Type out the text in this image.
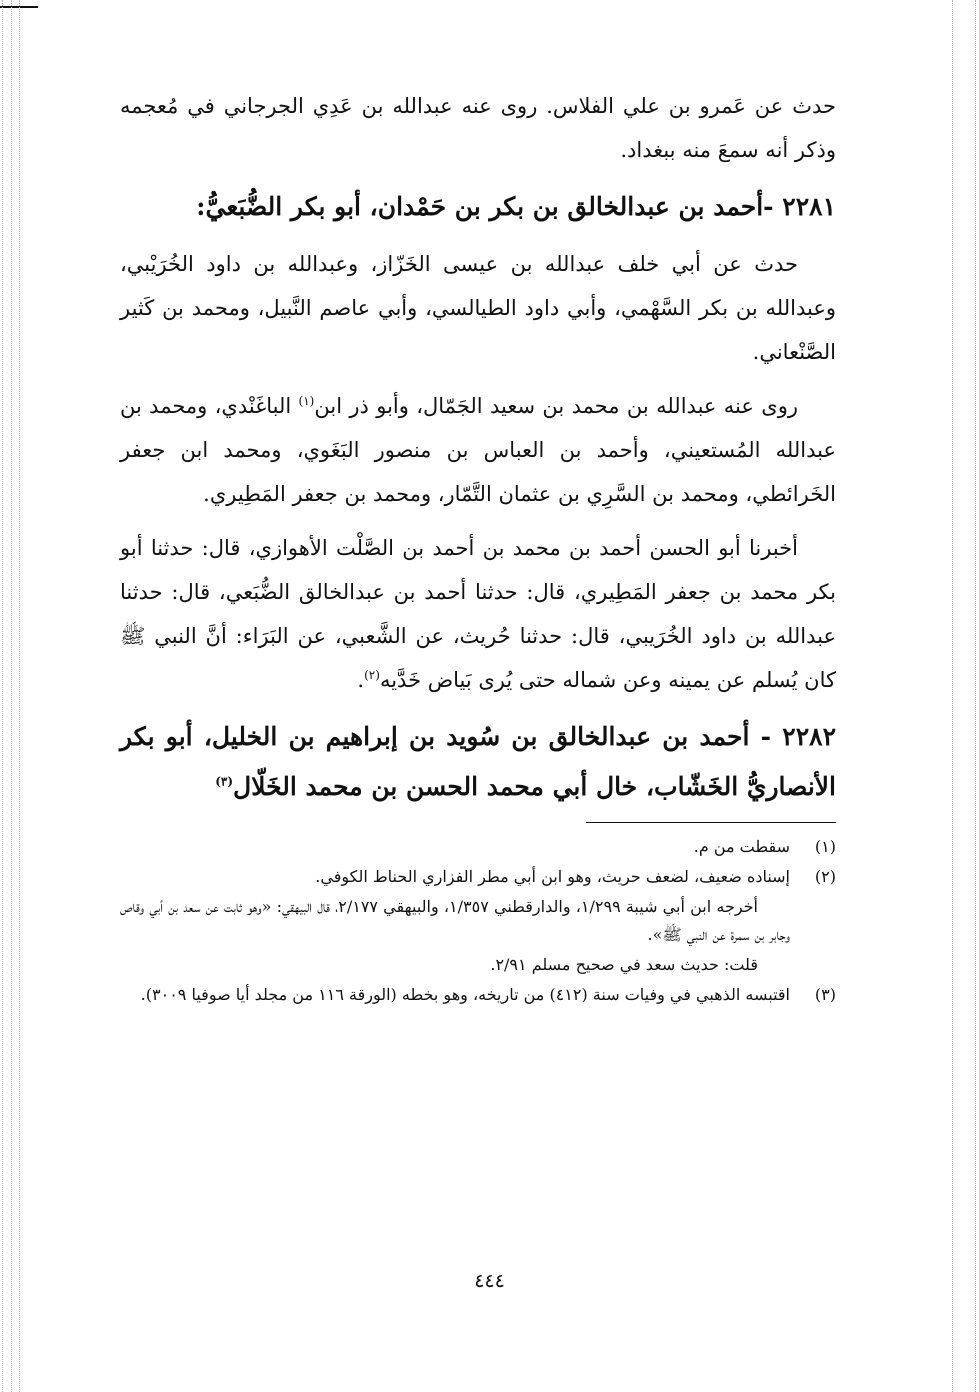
حدث عن عَمرو بن علي الفلاس. روى عنه عبدالله بن عَدِي الجرجاني في مُعجمه وذكر أنه سمعَ منه ببغداد.

٢٢٨١ -أحمد بن عبدالخالق بن بكر بن حَمْدان، أبو بكر الضُّبَعيُّ:

حدث عن أبي خلف عبدالله بن عيسى الخَزّاز، وعبدالله بن داود الخُرَيْبي، وعبدالله بن بكر السَّهْمي، وأبي داود الطيالسي، وأبي عاصم النَّبيل، ومحمد بن كَثير الصَّنْعاني.

روى عنه عبدالله بن محمد بن سعيد الجَمّال، وأبو ذر ابن$^{(١)}$ الباغَنْدي، ومحمد بن عبدالله المُستعيني، وأحمد بن العباس بن منصور البَغَوي، ومحمد ابن جعفر الخَرائطي، ومحمد بن السَّرِي بن عثمان التَّمّار، ومحمد بن جعفر المَطِيري.

أخبرنا أبو الحسن أحمد بن محمد بن أحمد بن الصَّلْت الأهوازي، قال: حدثنا أبو بكر محمد بن جعفر المَطِيري، قال: حدثنا أحمد بن عبدالخالق الضُّبَعي، قال: حدثنا عبدالله بن داود الخُرَيبي، قال: حدثنا حُريث، عن الشَّعبي، عن البَرَاء: أنَّ النبي ﷺ كان يُسلم عن يمينه وعن شماله حتى يُرى بَياض خَدَّيه$^{(٢)}$.

٢٢٨٢ - أحمد بن عبدالخالق بن سُويد بن إبراهيم بن الخليل، أبو بكر الأنصاريُّ الخَشّاب، خال أبي محمد الحسن بن محمد الخَلّال$^{(٣)}$
(١)
سقطت من م.
(٢)
إسناده ضعيف، لضعف حريث، وهو ابن أبي مطر الفزاري الحناط الكوفي.
أخرجه ابن أبي شيبة ١/٢٩٩، والدارقطني ١/٣٥٧، والبيهقي ٢/١٧٧، قال البيهقي: «وهو ثابت عن سعد بن أبي وقاص وجابر بن سمرة عن النبي ﷺ».
قلت: حديث سعد في صحيح مسلم ٢/٩١.
(٣)
اقتبسه الذهبي في وفيات سنة (٤١٢) من تاريخه، وهو بخطه (الورقة ١١٦ من مجلد أيا صوفيا ٣٠٠٩).
٤٤٤
